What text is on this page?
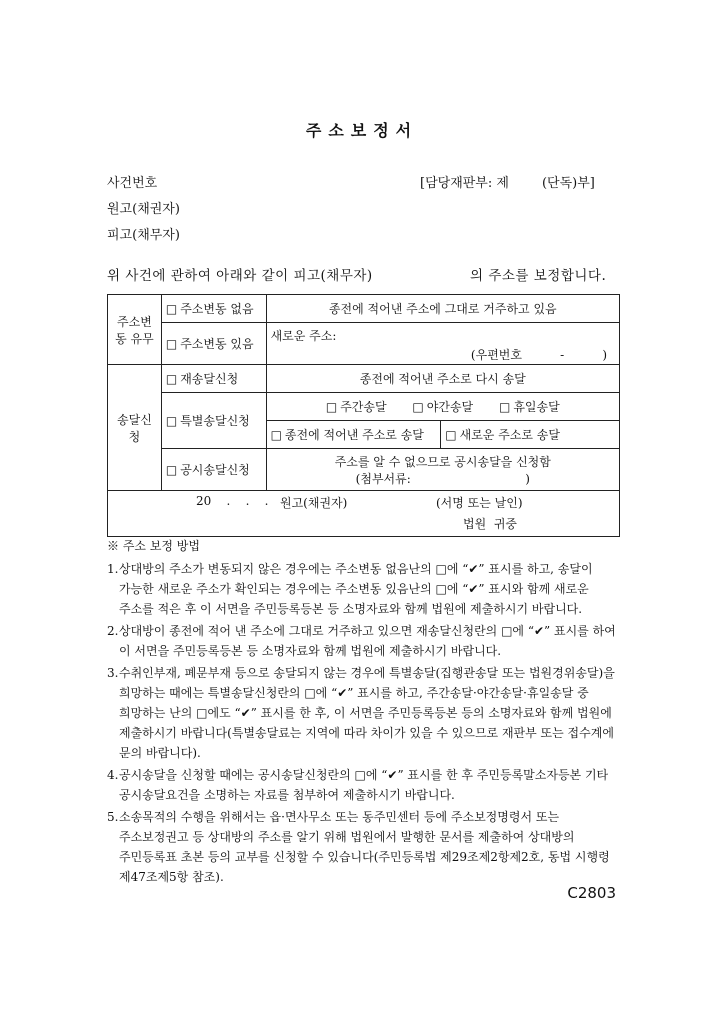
주소보정서
사건번호	[담당재판부: 제        (단독)부]
원고(채권자)
피고(채무자)
위 사건에 관하여 아래와 같이 피고(채무자)	의 주소를 보정합니다.
주소변동 유무	□ 주소변동 없음	종전에 적어낸 주소에 그대로 거주하고 있음	
	□ 주소변동 있음	새로운 주소:
(우편번호          -          )	

송달신청	□ 재송달신청	종전에 적어낸 주소로 다시 송달	
	□ 특별송달신청	□ 주간송달 □ 야간송달 □ 휴일송달	
		□ 종전에 적어낸 주소로 송달	□ 새로운 주소로 송달
	□ 공시송달신청	주소를 알 수 없으므로 공시송달을 신청함
(첨부서류:                              )	

20    .    .    . 원고(채권자) (서명 또는 날인)
법원  귀중			
※ 주소 보정 방법
1. 상대방의 주소가 변동되지 않은 경우에는 주소변동 없음난의 □에 “✔” 표시를 하고, 송달이 가능한 새로운 주소가 확인되는 경우에는 주소변동 있음난의 □에 “✔” 표시와 함께 새로운 주소를 적은 후 이 서면을 주민등록등본 등 소명자료와 함께 법원에 제출하시기 바랍니다.
2. 상대방이 종전에 적어 낸 주소에 그대로 거주하고 있으면 재송달신청란의 □에 “✔” 표시를 하여 이 서면을 주민등록등본 등 소명자료와 함께 법원에 제출하시기 바랍니다.
3. 수취인부재, 폐문부재 등으로 송달되지 않는 경우에 특별송달(집행관송달 또는 법원경위송달)을 희망하는 때에는 특별송달신청란의 □에 “✔” 표시를 하고, 주간송달·야간송달·휴일송달 중 희망하는 난의 □에도 “✔” 표시를 한 후, 이 서면을 주민등록등본 등의 소명자료와 함께 법원에 제출하시기 바랍니다(특별송달료는 지역에 따라 차이가 있을 수 있으므로 재판부 또는 접수계에 문의 바랍니다).
4. 공시송달을 신청할 때에는 공시송달신청란의 □에 “✔” 표시를 한 후 주민등록말소자등본 기타 공시송달요건을 소명하는 자료를 첨부하여 제출하시기 바랍니다.
5. 소송목적의 수행을 위해서는 읍·면사무소 또는 동주민센터 등에 주소보정명령서 또는 주소보정권고 등 상대방의 주소를 알기 위해 법원에서 발행한 문서를 제출하여 상대방의 주민등록표 초본 등의 교부를 신청할 수 있습니다(주민등록법 제29조제2항제2호, 동법 시행령 제47조제5항 참조).
C2803
